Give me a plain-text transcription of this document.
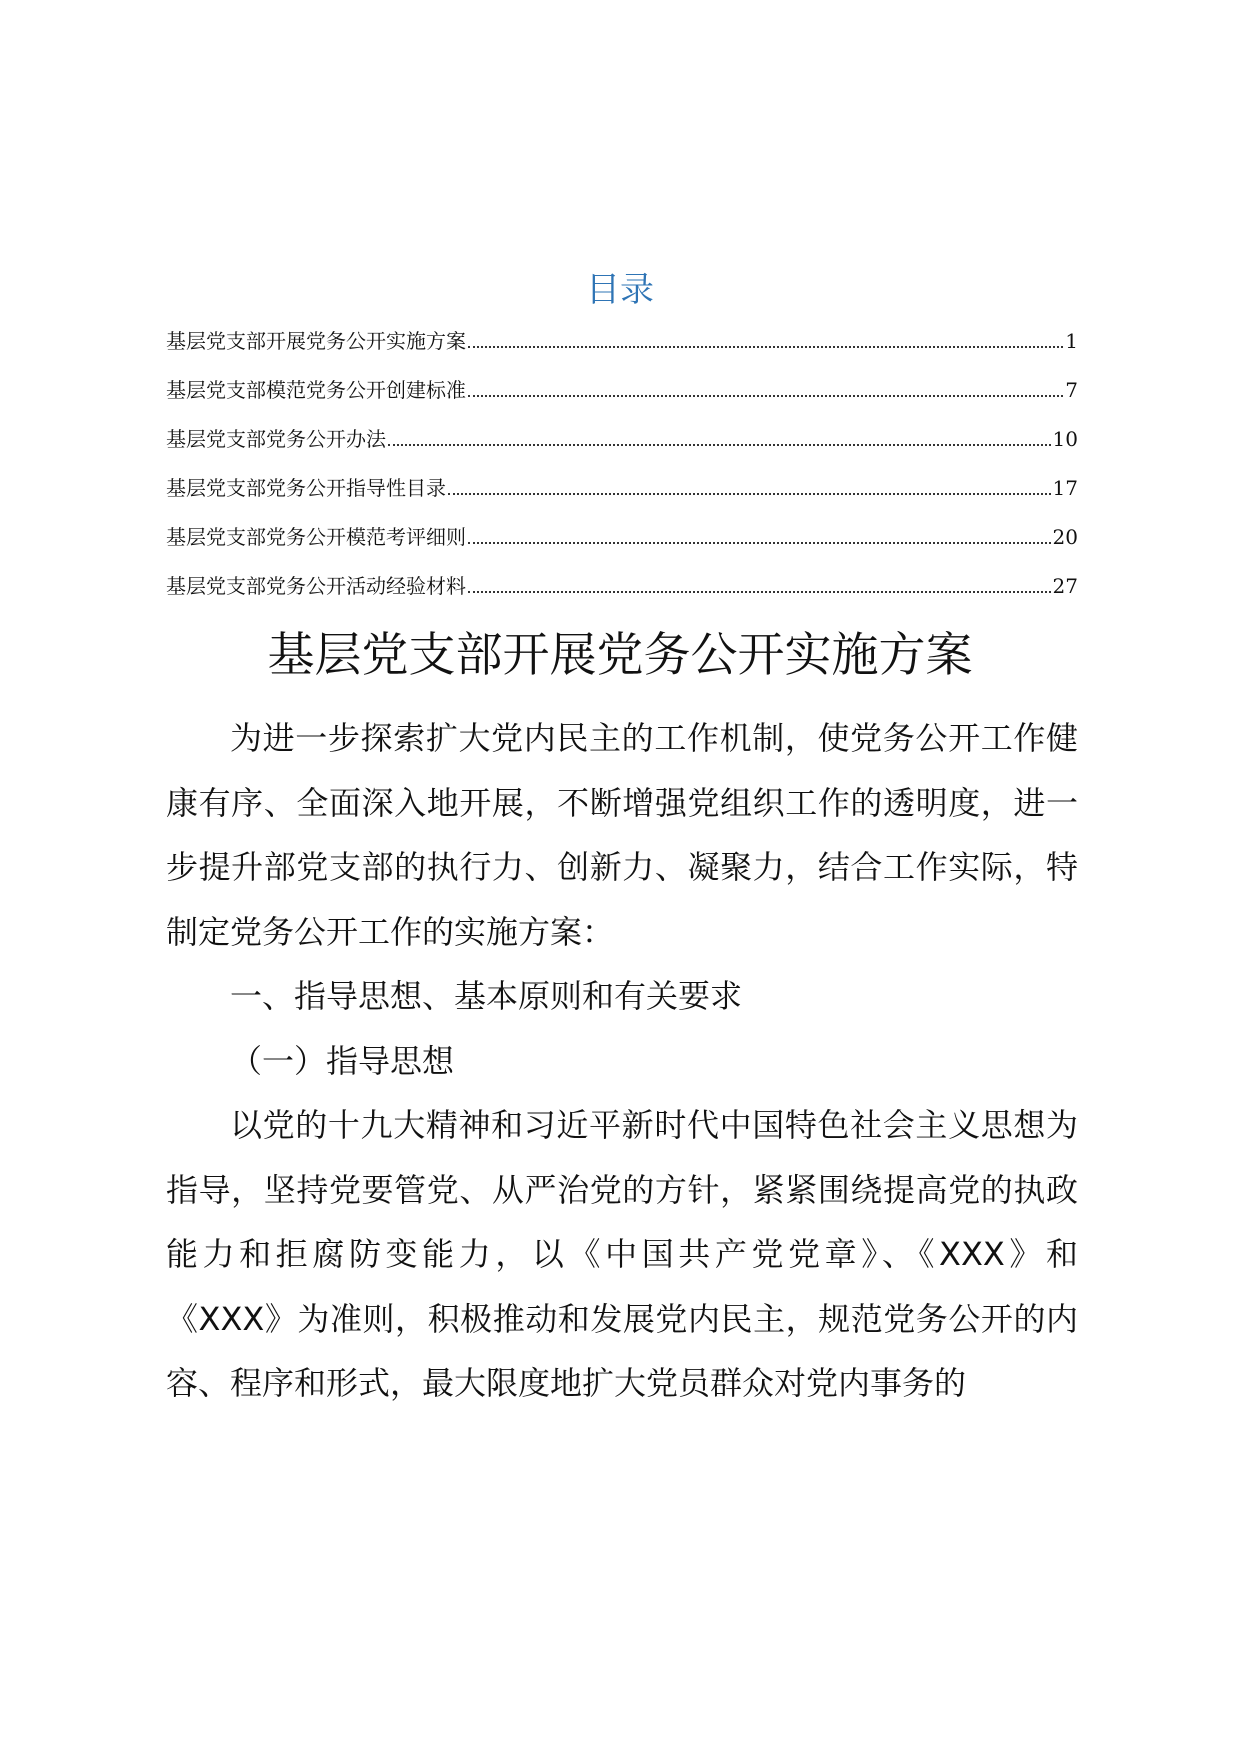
目录
基层党支部开展党务公开实施方案	1
基层党支部模范党务公开创建标准	7
基层党支部党务公开办法	10
基层党支部党务公开指导性目录	17
基层党支部党务公开模范考评细则	20
基层党支部党务公开活动经验材料	27
基层党支部开展党务公开实施方案

为进一步探索扩大党内民主的工作机制，使党务公开工作健康有序、全面深入地开展，不断增强党组织工作的透明度，进一步提升部党支部的执行力、创新力、凝聚力，结合工作实际，特制定党务公开工作的实施方案：

一、指导思想、基本原则和有关要求

（一）指导思想

以党的十九大精神和习近平新时代中国特色社会主义思想为指导，坚持党要管党、从严治党的方针，紧紧围绕提高党的执政能力和拒腐防变能力，以《中国共产党党章》、《XXX》和《XXX》为准则，积极推动和发展党内民主，规范党务公开的内容、程序和形式，最大限度地扩大党员群众对党内事务的
